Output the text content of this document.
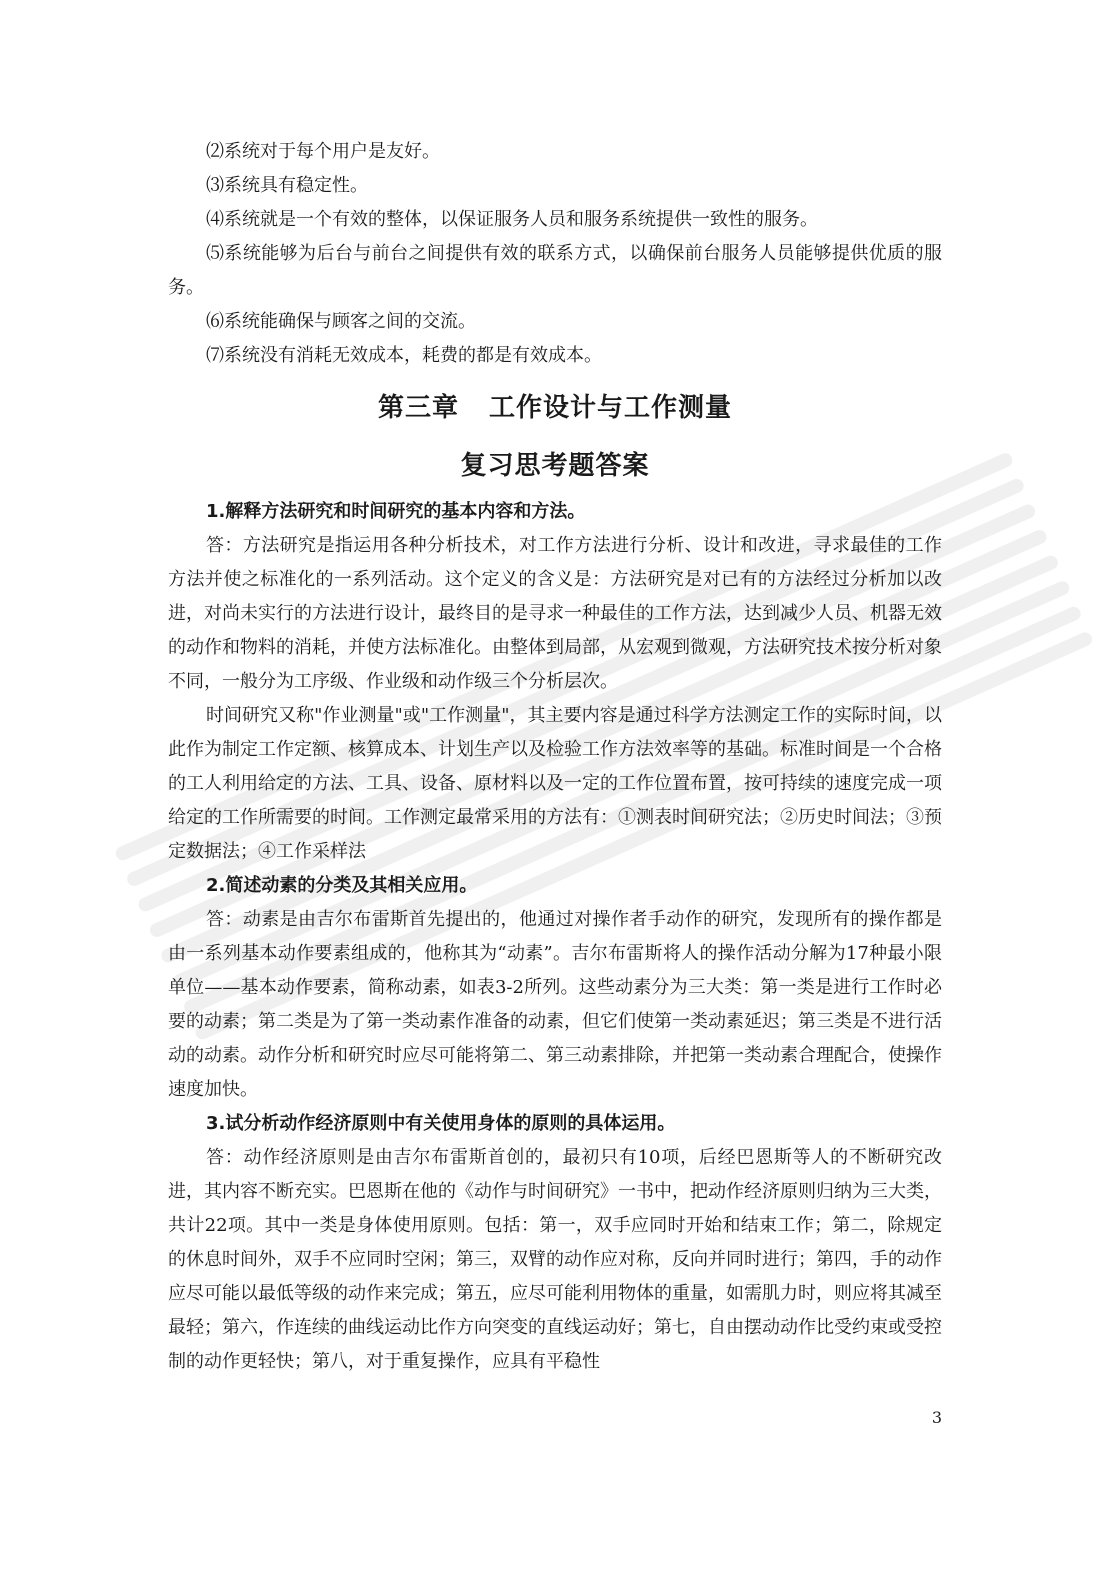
⑵系统对于每个用户是友好。

⑶系统具有稳定性。

⑷系统就是一个有效的整体，以保证服务人员和服务系统提供一致性的服务。

⑸系统能够为后台与前台之间提供有效的联系方式，以确保前台服务人员能够提供优质的服务。

⑹系统能确保与顾客之间的交流。

⑺系统没有消耗无效成本，耗费的都是有效成本。

第三章 工作设计与工作测量
复习思考题答案

1.解释方法研究和时间研究的基本内容和方法。

答：方法研究是指运用各种分析技术，对工作方法进行分析、设计和改进，寻求最佳的工作方法并使之标准化的一系列活动。这个定义的含义是：方法研究是对已有的方法经过分析加以改进，对尚未实行的方法进行设计，最终目的是寻求一种最佳的工作方法，达到减少人员、机器无效的动作和物料的消耗，并使方法标准化。由整体到局部，从宏观到微观，方法研究技术按分析对象不同，一般分为工序级、作业级和动作级三个分析层次。

时间研究又称"作业测量"或"工作测量"，其主要内容是通过科学方法测定工作的实际时间，以此作为制定工作定额、核算成本、计划生产以及检验工作方法效率等的基础。标准时间是一个合格的工人利用给定的方法、工具、设备、原材料以及一定的工作位置布置，按可持续的速度完成一项给定的工作所需要的时间。工作测定最常采用的方法有：①测表时间研究法；②历史时间法；③预定数据法；④工作采样法

2.简述动素的分类及其相关应用。

答：动素是由吉尔布雷斯首先提出的，他通过对操作者手动作的研究，发现所有的操作都是由一系列基本动作要素组成的，他称其为“动素”。吉尔布雷斯将人的操作活动分解为17种最小限单位——基本动作要素，简称动素，如表3-2所列。这些动素分为三大类：第一类是进行工作时必要的动素；第二类是为了第一类动素作准备的动素，但它们使第一类动素延迟；第三类是不进行活动的动素。动作分析和研究时应尽可能将第二、第三动素排除，并把第一类动素合理配合，使操作速度加快。

3.试分析动作经济原则中有关使用身体的原则的具体运用。

答：动作经济原则是由吉尔布雷斯首创的，最初只有10项，后经巴恩斯等人的不断研究改进，其内容不断充实。巴恩斯在他的《动作与时间研究》一书中，把动作经济原则归纳为三大类，共计22项。其中一类是身体使用原则。包括：第一，双手应同时开始和结束工作；第二，除规定的休息时间外，双手不应同时空闲；第三，双臂的动作应对称，反向并同时进行；第四，手的动作应尽可能以最低等级的动作来完成；第五，应尽可能利用物体的重量，如需肌力时，则应将其减至最轻；第六，作连续的曲线运动比作方向突变的直线运动好；第七，自由摆动动作比受约束或受控制的动作更轻快；第八，对于重复操作，应具有平稳性

3
